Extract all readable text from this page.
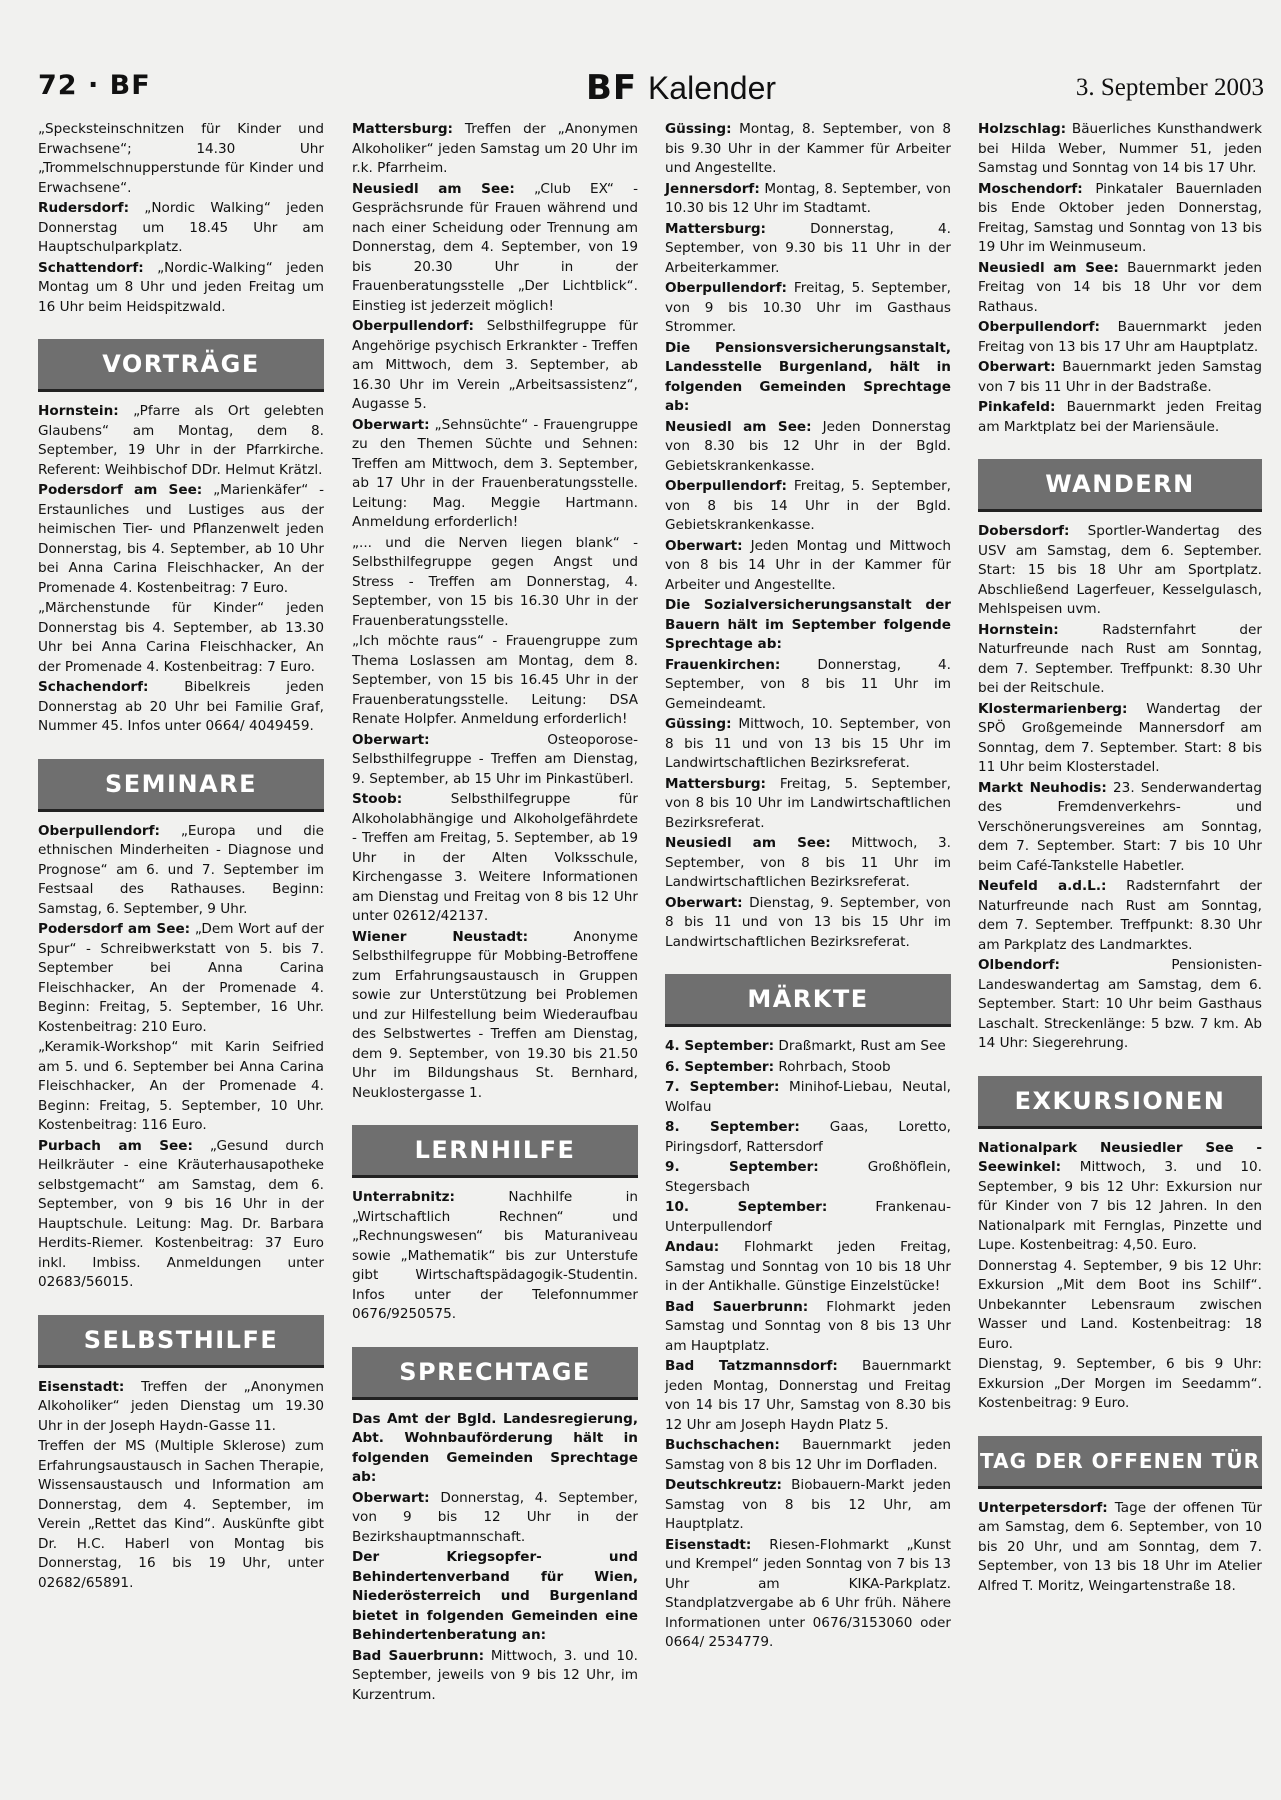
72 · BF	BF Kalender	3. September 2003

„Specksteinschnitzen für Kinder und Erwachsene“; 14.30 Uhr „Trommelschnupperstunde für Kinder und Erwachsene“.

Rudersdorf: „Nordic Walking“ jeden Donnerstag um 18.45 Uhr am Hauptschulparkplatz.

Schattendorf: „Nordic-Walking“ jeden Montag um 8 Uhr und jeden Freitag um 16 Uhr beim Heidspitzwald.

VORTRÄGE

Hornstein: „Pfarre als Ort gelebten Glaubens“ am Montag, dem 8. September, 19 Uhr in der Pfarrkirche. Referent: Weihbischof DDr. Helmut Krätzl.

Podersdorf am See: „Marienkäfer“ - Erstaunliches und Lustiges aus der heimischen Tier- und Pflanzenwelt jeden Donnerstag, bis 4. September, ab 10 Uhr bei Anna Carina Fleischhacker, An der Promenade 4. Kostenbeitrag: 7 Euro.

„Märchenstunde für Kinder“ jeden Donnerstag bis 4. September, ab 13.30 Uhr bei Anna Carina Fleischhacker, An der Promenade 4. Kostenbeitrag: 7 Euro.

Schachendorf: Bibelkreis jeden Donnerstag ab 20 Uhr bei Familie Graf, Nummer 45. Infos unter 0664/ 4049459.

SEMINARE

Oberpullendorf: „Europa und die ethnischen Minderheiten - Diagnose und Prognose“ am 6. und 7. September im Festsaal des Rathauses. Beginn: Samstag, 6. September, 9 Uhr.

Podersdorf am See: „Dem Wort auf der Spur“ - Schreibwerkstatt von 5. bis 7. September bei Anna Carina Fleischhacker, An der Promenade 4. Beginn: Freitag, 5. September, 16 Uhr. Kostenbeitrag: 210 Euro.

„Keramik-Workshop“ mit Karin Seifried am 5. und 6. September bei Anna Carina Fleischhacker, An der Promenade 4. Beginn: Freitag, 5. September, 10 Uhr. Kostenbeitrag: 116 Euro.

Purbach am See: „Gesund durch Heilkräuter - eine Kräuterhausapotheke selbstgemacht“ am Samstag, dem 6. September, von 9 bis 16 Uhr in der Hauptschule. Leitung: Mag. Dr. Barbara Herdits-Riemer. Kostenbeitrag: 37 Euro inkl. Imbiss. Anmeldungen unter 02683/56015.

SELBSTHILFE

Eisenstadt: Treffen der „Anonymen Alkoholiker“ jeden Dienstag um 19.30 Uhr in der Joseph Haydn-Gasse 11.

Treffen der MS (Multiple Sklerose) zum Erfahrungsaustausch in Sachen Therapie, Wissensaustausch und Information am Donnerstag, dem 4. September, im Verein „Rettet das Kind“. Auskünfte gibt Dr. H.C. Haberl von Montag bis Donnerstag, 16 bis 19 Uhr, unter 02682/65891.

Mattersburg: Treffen der „Anonymen Alkoholiker“ jeden Samstag um 20 Uhr im r.k. Pfarrheim.

Neusiedl am See: „Club EX“ - Gesprächsrunde für Frauen während und nach einer Scheidung oder Trennung am Donnerstag, dem 4. September, von 19 bis 20.30 Uhr in der Frauenberatungsstelle „Der Lichtblick“. Einstieg ist jederzeit möglich!

Oberpullendorf: Selbsthilfegruppe für Angehörige psychisch Erkrankter - Treffen am Mittwoch, dem 3. September, ab 16.30 Uhr im Verein „Arbeitsassistenz“, Augasse 5.

Oberwart: „Sehnsüchte“ - Frauengruppe zu den Themen Süchte und Sehnen: Treffen am Mittwoch, dem 3. September, ab 17 Uhr in der Frauenberatungsstelle. Leitung: Mag. Meggie Hartmann. Anmeldung erforderlich!

„... und die Nerven liegen blank“ - Selbsthilfegruppe gegen Angst und Stress - Treffen am Donnerstag, 4. September, von 15 bis 16.30 Uhr in der Frauenberatungsstelle.

„Ich möchte raus“ - Frauengruppe zum Thema Loslassen am Montag, dem 8. September, von 15 bis 16.45 Uhr in der Frauenberatungsstelle. Leitung: DSA Renate Holpfer. Anmeldung erforderlich!

Oberwart: Osteoporose-Selbsthilfegruppe - Treffen am Dienstag, 9. September, ab 15 Uhr im Pinkastüberl.

Stoob: Selbsthilfegruppe für Alkoholabhängige und Alkoholgefährdete - Treffen am Freitag, 5. September, ab 19 Uhr in der Alten Volksschule, Kirchengasse 3. Weitere Informationen am Dienstag und Freitag von 8 bis 12 Uhr unter 02612/42137.

Wiener Neustadt: Anonyme Selbsthilfegruppe für Mobbing-Betroffene zum Erfahrungsaustausch in Gruppen sowie zur Unterstützung bei Problemen und zur Hilfestellung beim Wiederaufbau des Selbstwertes - Treffen am Dienstag, dem 9. September, von 19.30 bis 21.50 Uhr im Bildungshaus St. Bernhard, Neuklostergasse 1.

LERNHILFE

Unterrabnitz: Nachhilfe in „Wirtschaftlich Rechnen“ und „Rechnungswesen“ bis Maturaniveau sowie „Mathematik“ bis zur Unterstufe gibt Wirtschaftspädagogik-Studentin. Infos unter der Telefonnummer 0676/9250575.

SPRECHTAGE

Das Amt der Bgld. Landesregierung, Abt. Wohnbauförderung hält in folgenden Gemeinden Sprechtage ab:

Oberwart: Donnerstag, 4. September, von 9 bis 12 Uhr in der Bezirkshauptmannschaft.

Der Kriegsopfer- und Behindertenverband für Wien, Niederösterreich und Burgenland bietet in folgenden Gemeinden eine Behindertenberatung an:

Bad Sauerbrunn: Mittwoch, 3. und 10. September, jeweils von 9 bis 12 Uhr, im Kurzentrum.

Güssing: Montag, 8. September, von 8 bis 9.30 Uhr in der Kammer für Arbeiter und Angestellte.

Jennersdorf: Montag, 8. September, von 10.30 bis 12 Uhr im Stadtamt.

Mattersburg: Donnerstag, 4. September, von 9.30 bis 11 Uhr in der Arbeiterkammer.

Oberpullendorf: Freitag, 5. September, von 9 bis 10.30 Uhr im Gasthaus Strommer.

Die Pensionsversicherungsanstalt, Landesstelle Burgenland, hält in folgenden Gemeinden Sprechtage ab:

Neusiedl am See: Jeden Donnerstag von 8.30 bis 12 Uhr in der Bgld. Gebietskrankenkasse.

Oberpullendorf: Freitag, 5. September, von 8 bis 14 Uhr in der Bgld. Gebietskrankenkasse.

Oberwart: Jeden Montag und Mittwoch von 8 bis 14 Uhr in der Kammer für Arbeiter und Angestellte.

Die Sozialversicherungsanstalt der Bauern hält im September folgende Sprechtage ab:

Frauenkirchen: Donnerstag, 4. September, von 8 bis 11 Uhr im Gemeindeamt.

Güssing: Mittwoch, 10. September, von 8 bis 11 und von 13 bis 15 Uhr im Landwirtschaftlichen Bezirksreferat.

Mattersburg: Freitag, 5. September, von 8 bis 10 Uhr im Landwirtschaftlichen Bezirksreferat.

Neusiedl am See: Mittwoch, 3. September, von 8 bis 11 Uhr im Landwirtschaftlichen Bezirksreferat.

Oberwart: Dienstag, 9. September, von 8 bis 11 und von 13 bis 15 Uhr im Landwirtschaftlichen Bezirksreferat.

MÄRKTE

4. September: Draßmarkt, Rust am See

6. September: Rohrbach, Stoob

7. September: Minihof-Liebau, Neutal, Wolfau

8. September: Gaas, Loretto, Piringsdorf, Rattersdorf

9. September: Großhöflein, Stegersbach

10. September: Frankenau-Unterpullendorf

Andau: Flohmarkt jeden Freitag, Samstag und Sonntag von 10 bis 18 Uhr in der Antikhalle. Günstige Einzelstücke!

Bad Sauerbrunn: Flohmarkt jeden Samstag und Sonntag von 8 bis 13 Uhr am Hauptplatz.

Bad Tatzmannsdorf: Bauernmarkt jeden Montag, Donnerstag und Freitag von 14 bis 17 Uhr, Samstag von 8.30 bis 12 Uhr am Joseph Haydn Platz 5.

Buchschachen: Bauernmarkt jeden Samstag von 8 bis 12 Uhr im Dorfladen.

Deutschkreutz: Biobauern-Markt jeden Samstag von 8 bis 12 Uhr, am Hauptplatz.

Eisenstadt: Riesen-Flohmarkt „Kunst und Krempel“ jeden Sonntag von 7 bis 13 Uhr am KIKA-Parkplatz. Standplatzvergabe ab 6 Uhr früh. Nähere Informationen unter 0676/3153060 oder 0664/ 2534779.

Holzschlag: Bäuerliches Kunsthandwerk bei Hilda Weber, Nummer 51, jeden Samstag und Sonntag von 14 bis 17 Uhr.

Moschendorf: Pinkataler Bauernladen bis Ende Oktober jeden Donnerstag, Freitag, Samstag und Sonntag von 13 bis 19 Uhr im Weinmuseum.

Neusiedl am See: Bauernmarkt jeden Freitag von 14 bis 18 Uhr vor dem Rathaus.

Oberpullendorf: Bauernmarkt jeden Freitag von 13 bis 17 Uhr am Hauptplatz.

Oberwart: Bauernmarkt jeden Samstag von 7 bis 11 Uhr in der Badstraße.

Pinkafeld: Bauernmarkt jeden Freitag am Marktplatz bei der Mariensäule.

WANDERN

Dobersdorf: Sportler-Wandertag des USV am Samstag, dem 6. September. Start: 15 bis 18 Uhr am Sportplatz. Abschließend Lagerfeuer, Kesselgulasch, Mehlspeisen uvm.

Hornstein: Radsternfahrt der Naturfreunde nach Rust am Sonntag, dem 7. September. Treffpunkt: 8.30 Uhr bei der Reitschule.

Klostermarienberg: Wandertag der SPÖ Großgemeinde Mannersdorf am Sonntag, dem 7. September. Start: 8 bis 11 Uhr beim Klosterstadel.

Markt Neuhodis: 23. Senderwandertag des Fremdenverkehrs- und Verschönerungsvereines am Sonntag, dem 7. September. Start: 7 bis 10 Uhr beim Café-Tankstelle Habetler.

Neufeld a.d.L.: Radsternfahrt der Naturfreunde nach Rust am Sonntag, dem 7. September. Treffpunkt: 8.30 Uhr am Parkplatz des Landmarktes.

Olbendorf: Pensionisten-Landeswandertag am Samstag, dem 6. September. Start: 10 Uhr beim Gasthaus Laschalt. Streckenlänge: 5 bzw. 7 km. Ab 14 Uhr: Siegerehrung.

EXKURSIONEN

Nationalpark Neusiedler See - Seewinkel: Mittwoch, 3. und 10. September, 9 bis 12 Uhr: Exkursion nur für Kinder von 7 bis 12 Jahren. In den Nationalpark mit Fernglas, Pinzette und Lupe. Kostenbeitrag: 4,50. Euro.

Donnerstag 4. September, 9 bis 12 Uhr: Exkursion „Mit dem Boot ins Schilf“. Unbekannter Lebensraum zwischen Wasser und Land. Kostenbeitrag: 18 Euro.

Dienstag, 9. September, 6 bis 9 Uhr: Exkursion „Der Morgen im Seedamm“. Kostenbeitrag: 9 Euro.

TAG DER OFFENEN TÜR

Unterpetersdorf: Tage der offenen Tür am Samstag, dem 6. September, von 10 bis 20 Uhr, und am Sonntag, dem 7. September, von 13 bis 18 Uhr im Atelier Alfred T. Moritz, Weingartenstraße 18.
